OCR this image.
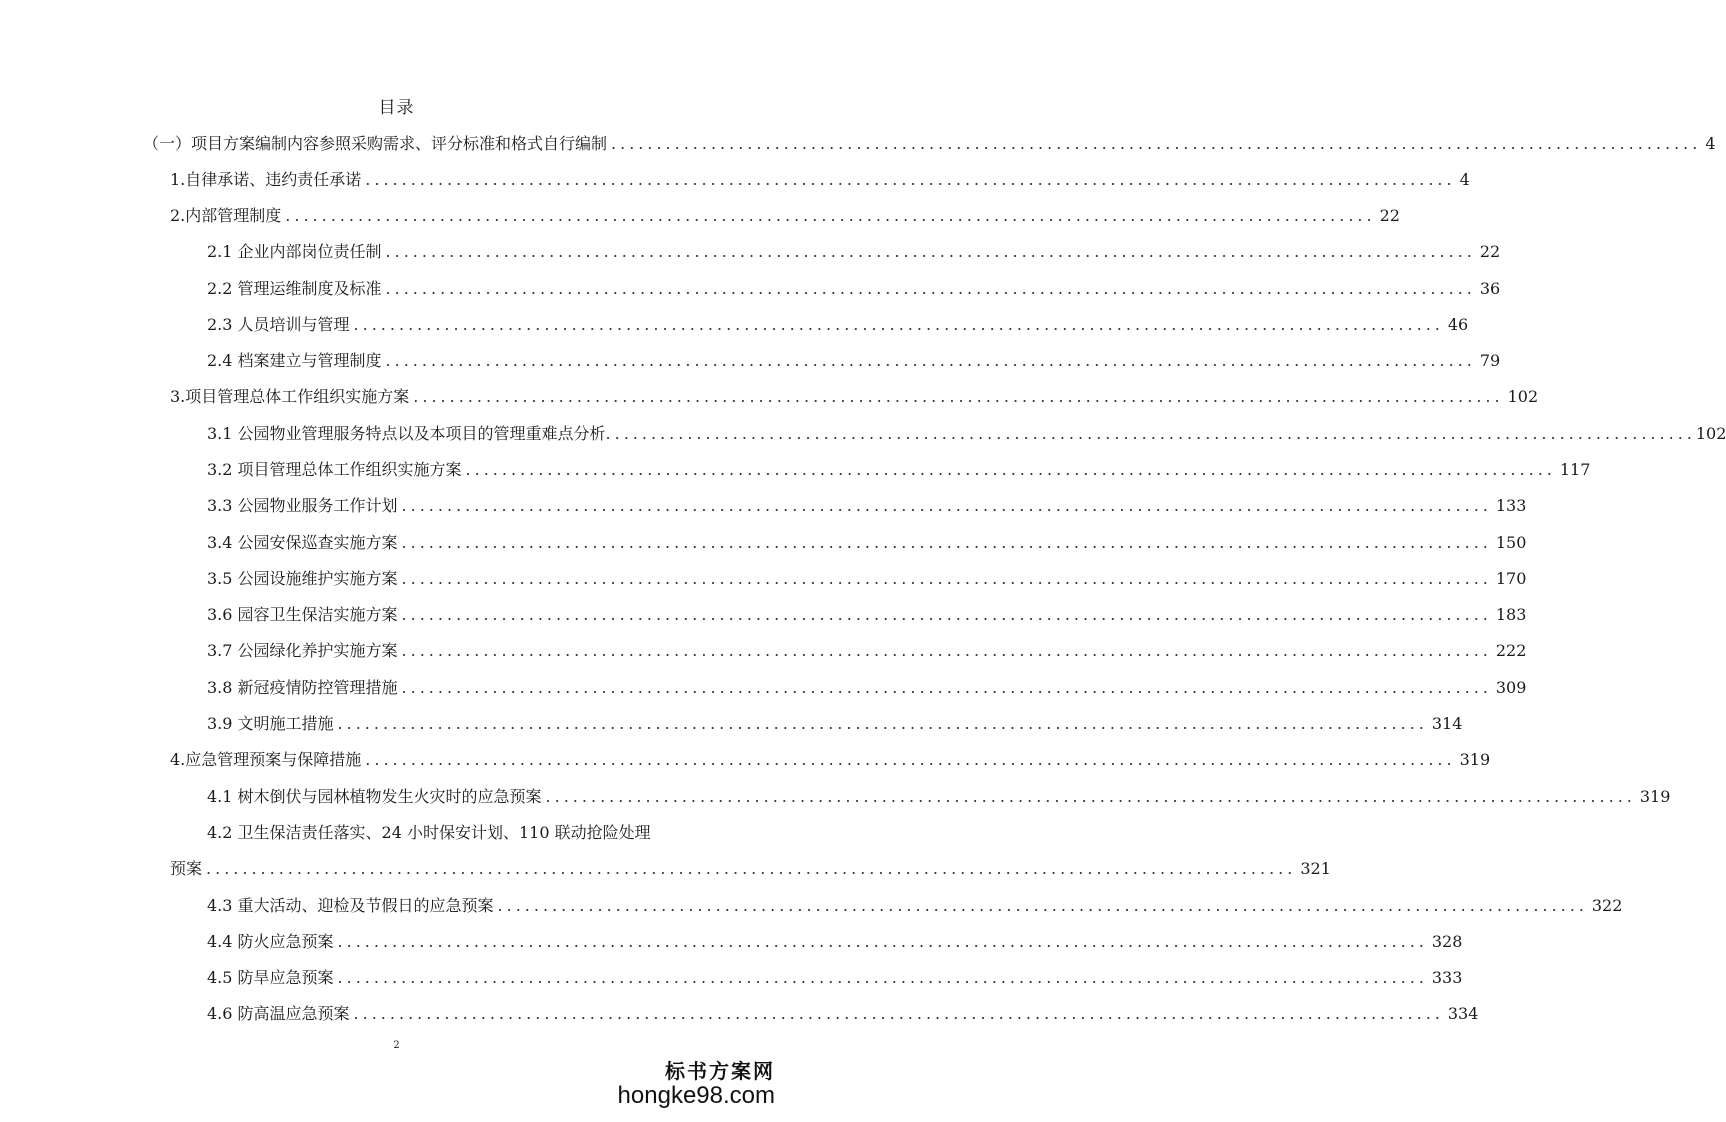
目录
（一）项目方案编制内容参照采购需求、评分标准和格式自行编制 ........................................................................................................................ 4
1.自律承诺、违约责任承诺 ........................................................................................................................ 4
2.内部管理制度 ........................................................................................................................ 22
2.1 企业内部岗位责任制 ........................................................................................................................ 22
2.2 管理运维制度及标准 ........................................................................................................................ 36
2.3 人员培训与管理 ........................................................................................................................ 46
2.4 档案建立与管理制度 ........................................................................................................................ 79
3.项目管理总体工作组织实施方案 ........................................................................................................................ 102
3.1 公园物业管理服务特点以及本项目的管理重难点分析 ........................................................................................................................ 102
3.2 项目管理总体工作组织实施方案 ........................................................................................................................ 117
3.3 公园物业服务工作计划 ........................................................................................................................ 133
3.4 公园安保巡查实施方案 ........................................................................................................................ 150
3.5 公园设施维护实施方案 ........................................................................................................................ 170
3.6 园容卫生保洁实施方案 ........................................................................................................................ 183
3.7 公园绿化养护实施方案 ........................................................................................................................ 222
3.8 新冠疫情防控管理措施 ........................................................................................................................ 309
3.9 文明施工措施 ........................................................................................................................ 314
4.应急管理预案与保障措施 ........................................................................................................................ 319
4.1 树木倒伏与园林植物发生火灾时的应急预案 ........................................................................................................................ 319
4.2 卫生保洁责任落实、24 小时保安计划、110 联动抢险处理
预案 ........................................................................................................................ 321
4.3 重大活动、迎检及节假日的应急预案 ........................................................................................................................ 322
4.4 防火应急预案 ........................................................................................................................ 328
4.5 防旱应急预案 ........................................................................................................................ 333
4.6 防高温应急预案 ........................................................................................................................ 334
2
标书方案网
hongke98.com
